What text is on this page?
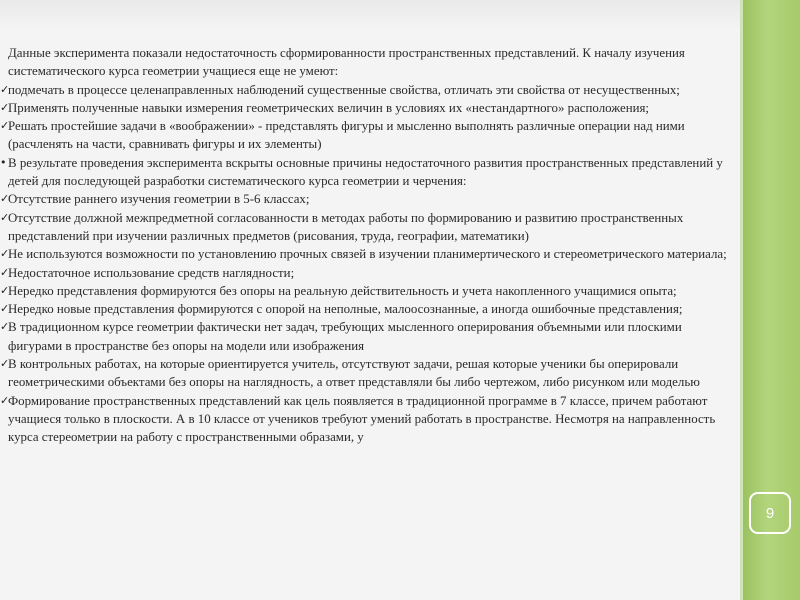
9
Данные эксперимента показали недостаточность сформированности пространственных представлений. К началу изучения систематического курса геометрии учащиеся еще не умеют:
✓
подмечать в процессе целенаправленных наблюдений существенные свойства, отличать эти свойства от несущественных;
✓
Применять полученные навыки измерения геометрических величин в условиях их «нестандартного» расположения;
✓
Решать простейшие задачи в «воображении» - представлять фигуры и мысленно выполнять различные операции над ними (расчленять на части, сравнивать фигуры и их элементы)
• В результате проведения эксперимента вскрыты основные причины недостаточного развития пространственных представлений у детей для последующей разработки систематического курса геометрии и черчения:
✓
Отсутствие раннего изучения геометрии в 5-6 классах;
✓
Отсутствие должной межпредметной согласованности в методах работы по формированию и развитию пространственных представлений при изучении различных предметов (рисования, труда, географии, математики)
✓
Не используются возможности по установлению прочных связей в изучении планимертического и стереометрического материала;
✓
Недостаточное использование средств наглядности;
✓
Нередко представления формируются без опоры на реальную действительность и учета накопленного учащимися опыта;
✓
Нередко новые представления формируются с опорой на неполные, малоосознанные, а иногда ошибочные представления;
✓
В традиционном курсе геометрии фактически нет задач, требующих мысленного оперирования объемными или плоскими фигурами в пространстве без опоры на модели или изображения
✓
В контрольных работах, на которые ориентируется учитель, отсутствуют задачи, решая которые ученики бы оперировали геометрическими объектами без опоры на наглядность, а ответ представляли бы либо чертежом, либо рисунком или моделью
✓
Формирование пространственных представлений как цель появляется в традиционной программе в 7 классе, причем работают учащиеся только в плоскости. А в 10 классе от учеников требуют умений работать в пространстве. Несмотря на направленность курса стереометрии на работу с пространственными образами, у
